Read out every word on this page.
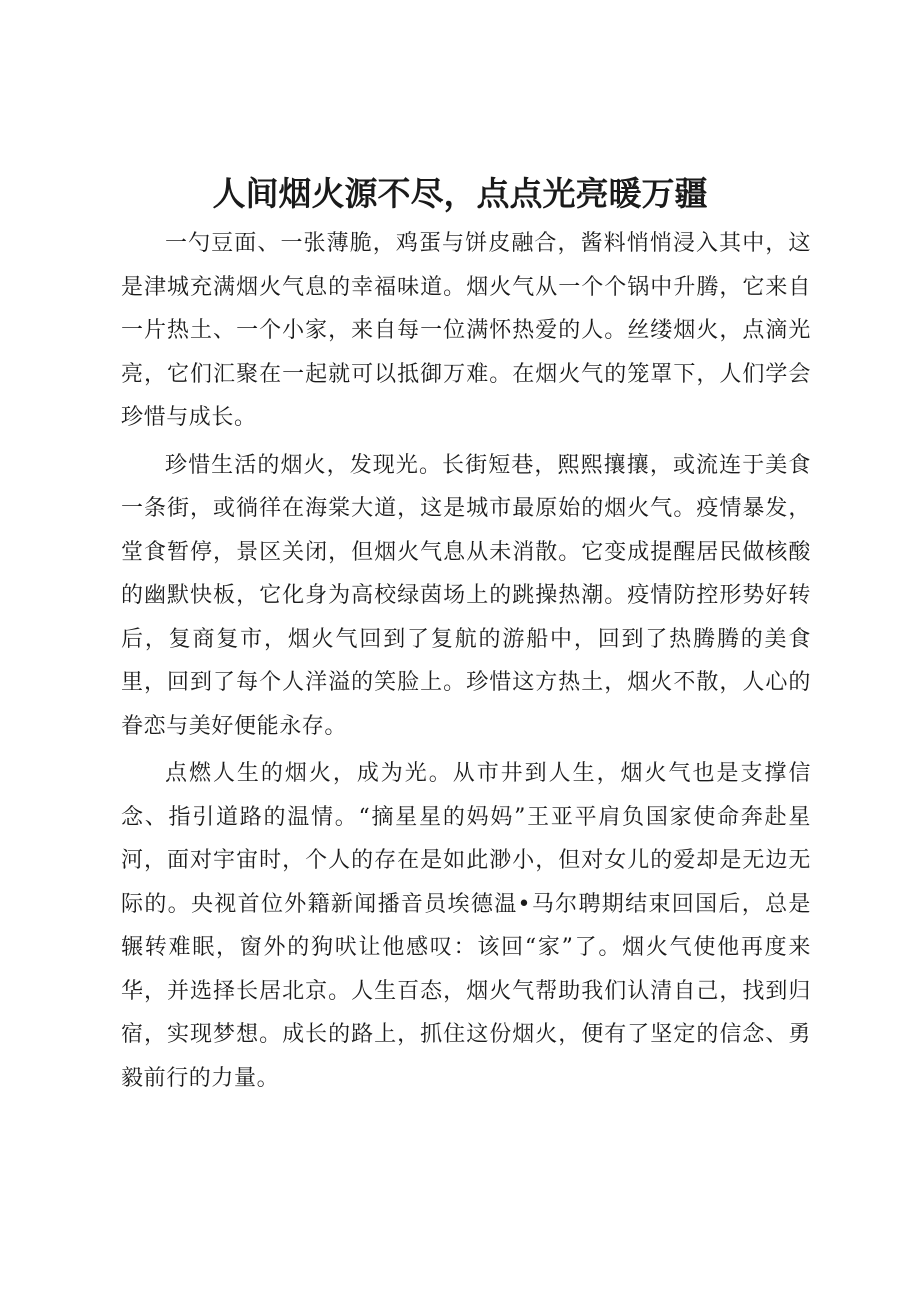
人间烟火源不尽，点点光亮暖万疆

一勺豆面、一张薄脆，鸡蛋与饼皮融合，酱料悄悄浸入其中，这是津城充满烟火气息的幸福味道。烟火气从一个个锅中升腾，它来自一片热土、一个小家，来自每一位满怀热爱的人。丝缕烟火，点滴光亮，它们汇聚在一起就可以抵御万难。在烟火气的笼罩下，人们学会珍惜与成长。

珍惜生活的烟火，发现光。长街短巷，熙熙攘攘，或流连于美食一条街，或徜徉在海棠大道，这是城市最原始的烟火气。疫情暴发，堂食暂停，景区关闭，但烟火气息从未消散。它变成提醒居民做核酸的幽默快板，它化身为高校绿茵场上的跳操热潮。疫情防控形势好转后，复商复市，烟火气回到了复航的游船中，回到了热腾腾的美食里，回到了每个人洋溢的笑脸上。珍惜这方热土，烟火不散，人心的眷恋与美好便能永存。

点燃人生的烟火，成为光。从市井到人生，烟火气也是支撑信念、指引道路的温情。“摘星星的妈妈”王亚平肩负国家使命奔赴星河，面对宇宙时，个人的存在是如此渺小，但对女儿的爱却是无边无际的。央视首位外籍新闻播音员埃德温•马尔聘期结束回国后，总是辗转难眠，窗外的狗吠让他感叹：该回“家”了。烟火气使他再度来华，并选择长居北京。人生百态，烟火气帮助我们认清自己，找到归宿，实现梦想。成长的路上，抓住这份烟火，便有了坚定的信念、勇毅前行的力量。
